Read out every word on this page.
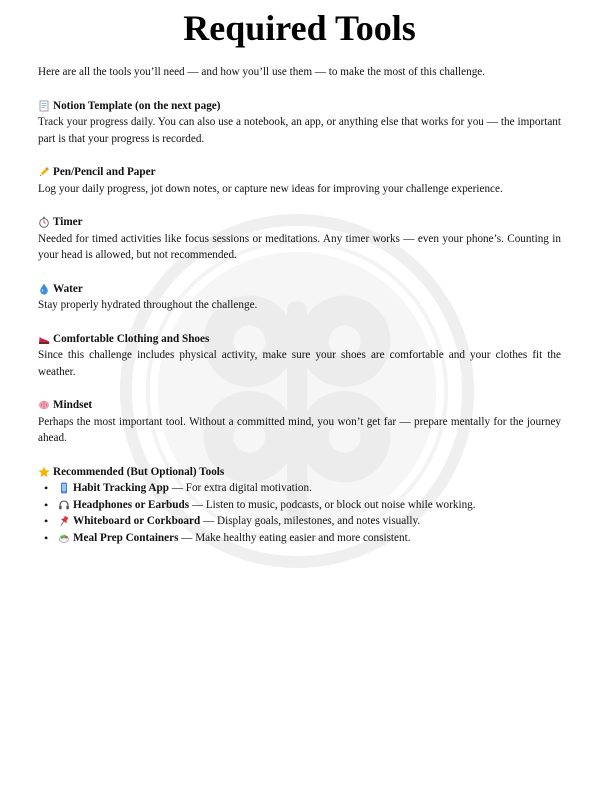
Required Tools

Here are all the tools you’ll need — and how you’ll use them — to make the most of this challenge.

Notion Template (on the next page)
Track your progress daily. You can also use a notebook, an app, or anything else that works for you — the important part is that your progress is recorded.
Pen/Pencil and Paper
Log your daily progress, jot down notes, or capture new ideas for improving your challenge experience.
Timer
Needed for timed activities like focus sessions or meditations. Any timer works — even your phone’s. Counting in your head is allowed, but not recommended.
Water
Stay properly hydrated throughout the challenge.
Comfortable Clothing and Shoes
Since this challenge includes physical activity, make sure your shoes are comfortable and your clothes fit the weather.
Mindset
Perhaps the most important tool. Without a committed mind, you won’t get far — prepare mentally for the journey ahead.
Recommended (But Optional) Tools
• Habit Tracking App — For extra digital motivation.
• Headphones or Earbuds — Listen to music, podcasts, or block out noise while working.
• Whiteboard or Corkboard — Display goals, milestones, and notes visually.
• Meal Prep Containers — Make healthy eating easier and more consistent.
